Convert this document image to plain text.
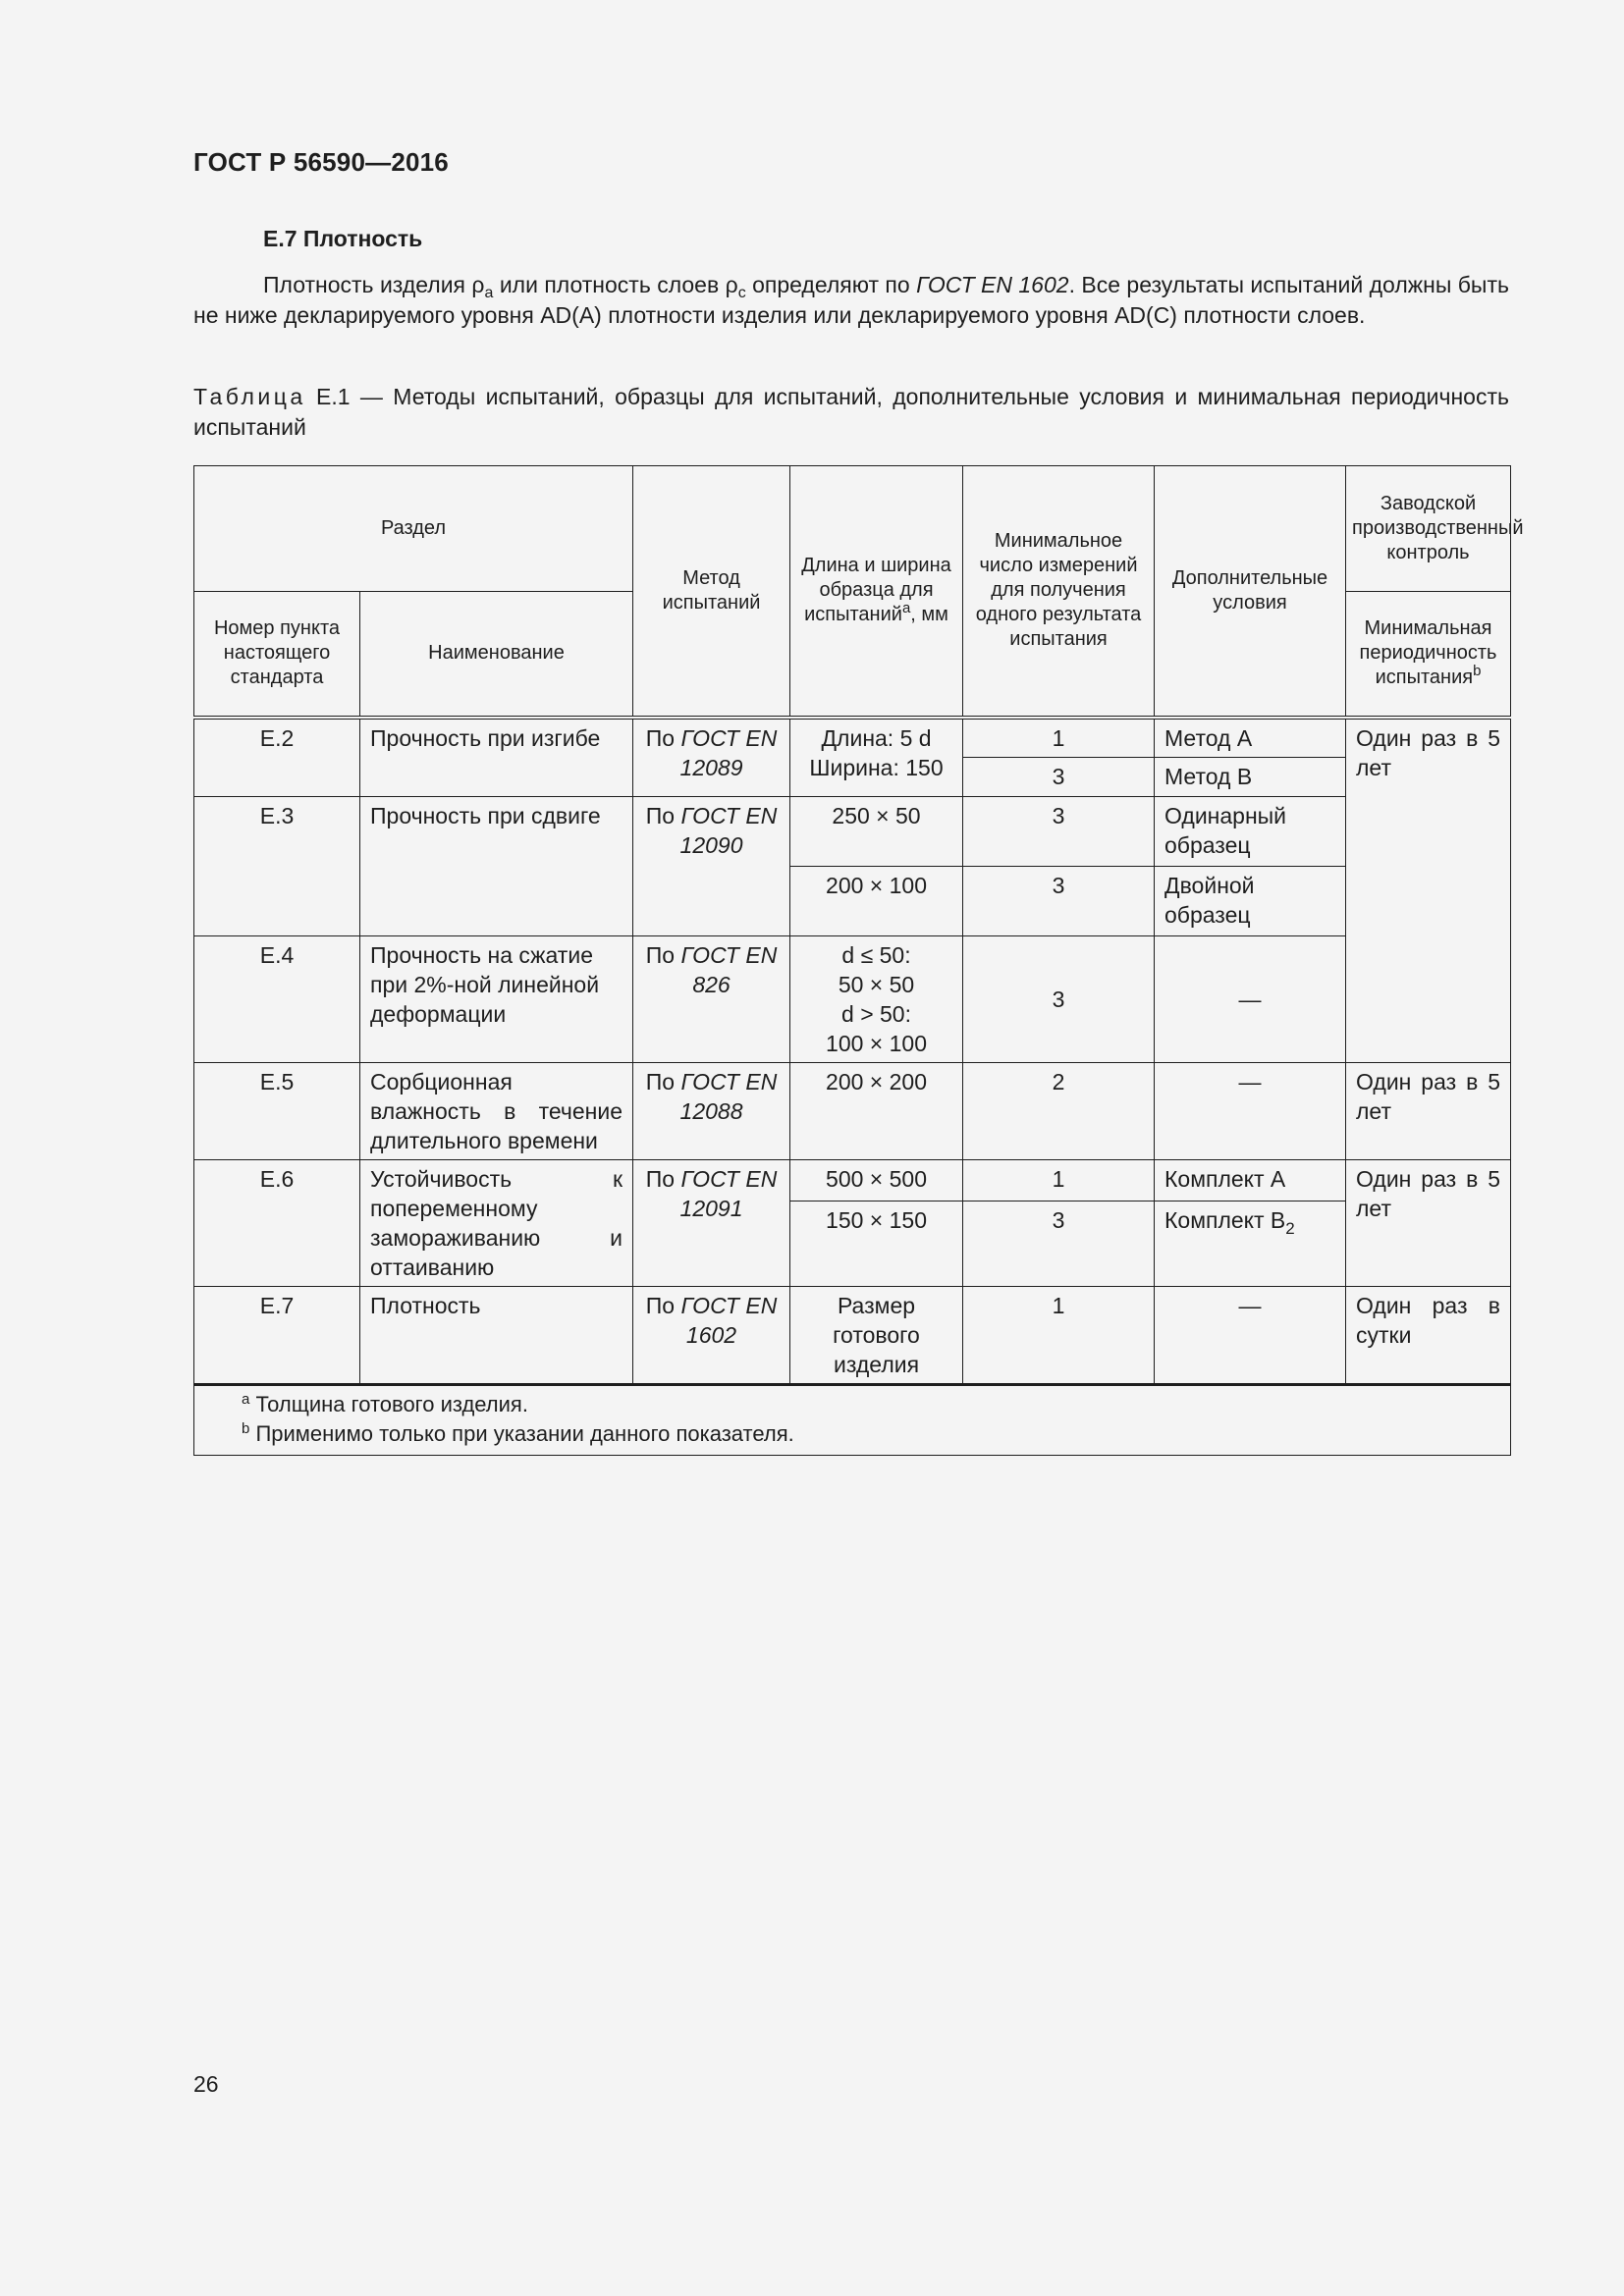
ГОСТ Р 56590—2016
Е.7 Плотность
Плотность изделия $\rho_a$ или плотность слоев $\rho_c$ определяют по ГОСТ EN 1602. Все результаты испытаний должны быть не ниже декларируемого уровня AD(A) плотности изделия или декларируемого уровня AD(C) плотности слоев.
Таблица Е.1 — Методы испытаний, образцы для испытаний, дополнительные условия и минимальная периодичность испытаний
Раздел		Метод испытаний	Длина и ширина образца для испытаний$^a$, мм	Минимальное число измерений для получения одного результата испытания	Дополнительные условия	Заводской производственный контроль
Номер пункта настоящего стандарта	Наименование					Минимальная периодичность испытания$^b$
Е.2	Прочность при изгибе	По ГОСТ EN 12089	Длина: 5 d Ширина: 150	1	Метод А	Один раз в 5 лет
				3	Метод В	
Е.3	Прочность при сдвиге	По ГОСТ EN 12090	250 × 50	3	Одинарный образец	
			200 × 100	3	Двойной образец	
Е.4	Прочность на сжатие при 2%-ной линейной деформации	По ГОСТ EN 826	d ≤ 50:
50 × 50
d > 50:
100 × 100	3	—	
Е.5	Сорбционная влажность в течение длительного времени	По ГОСТ EN 12088	200 × 200	2	—	Один раз в 5 лет
Е.6	Устойчивость к попеременному замораживанию и оттаиванию	По ГОСТ EN 12091	500 × 500	1	Комплект А	Один раз в 5 лет
			150 × 150	3	Комплект $В_2$
Е.7	Плотность	По ГОСТ EN 1602	Размер готового изделия	1	—	Один раз в сутки

$^a$ Толщина готового изделия.
$^b$ Применимо только при указании данного показателя.						
26
